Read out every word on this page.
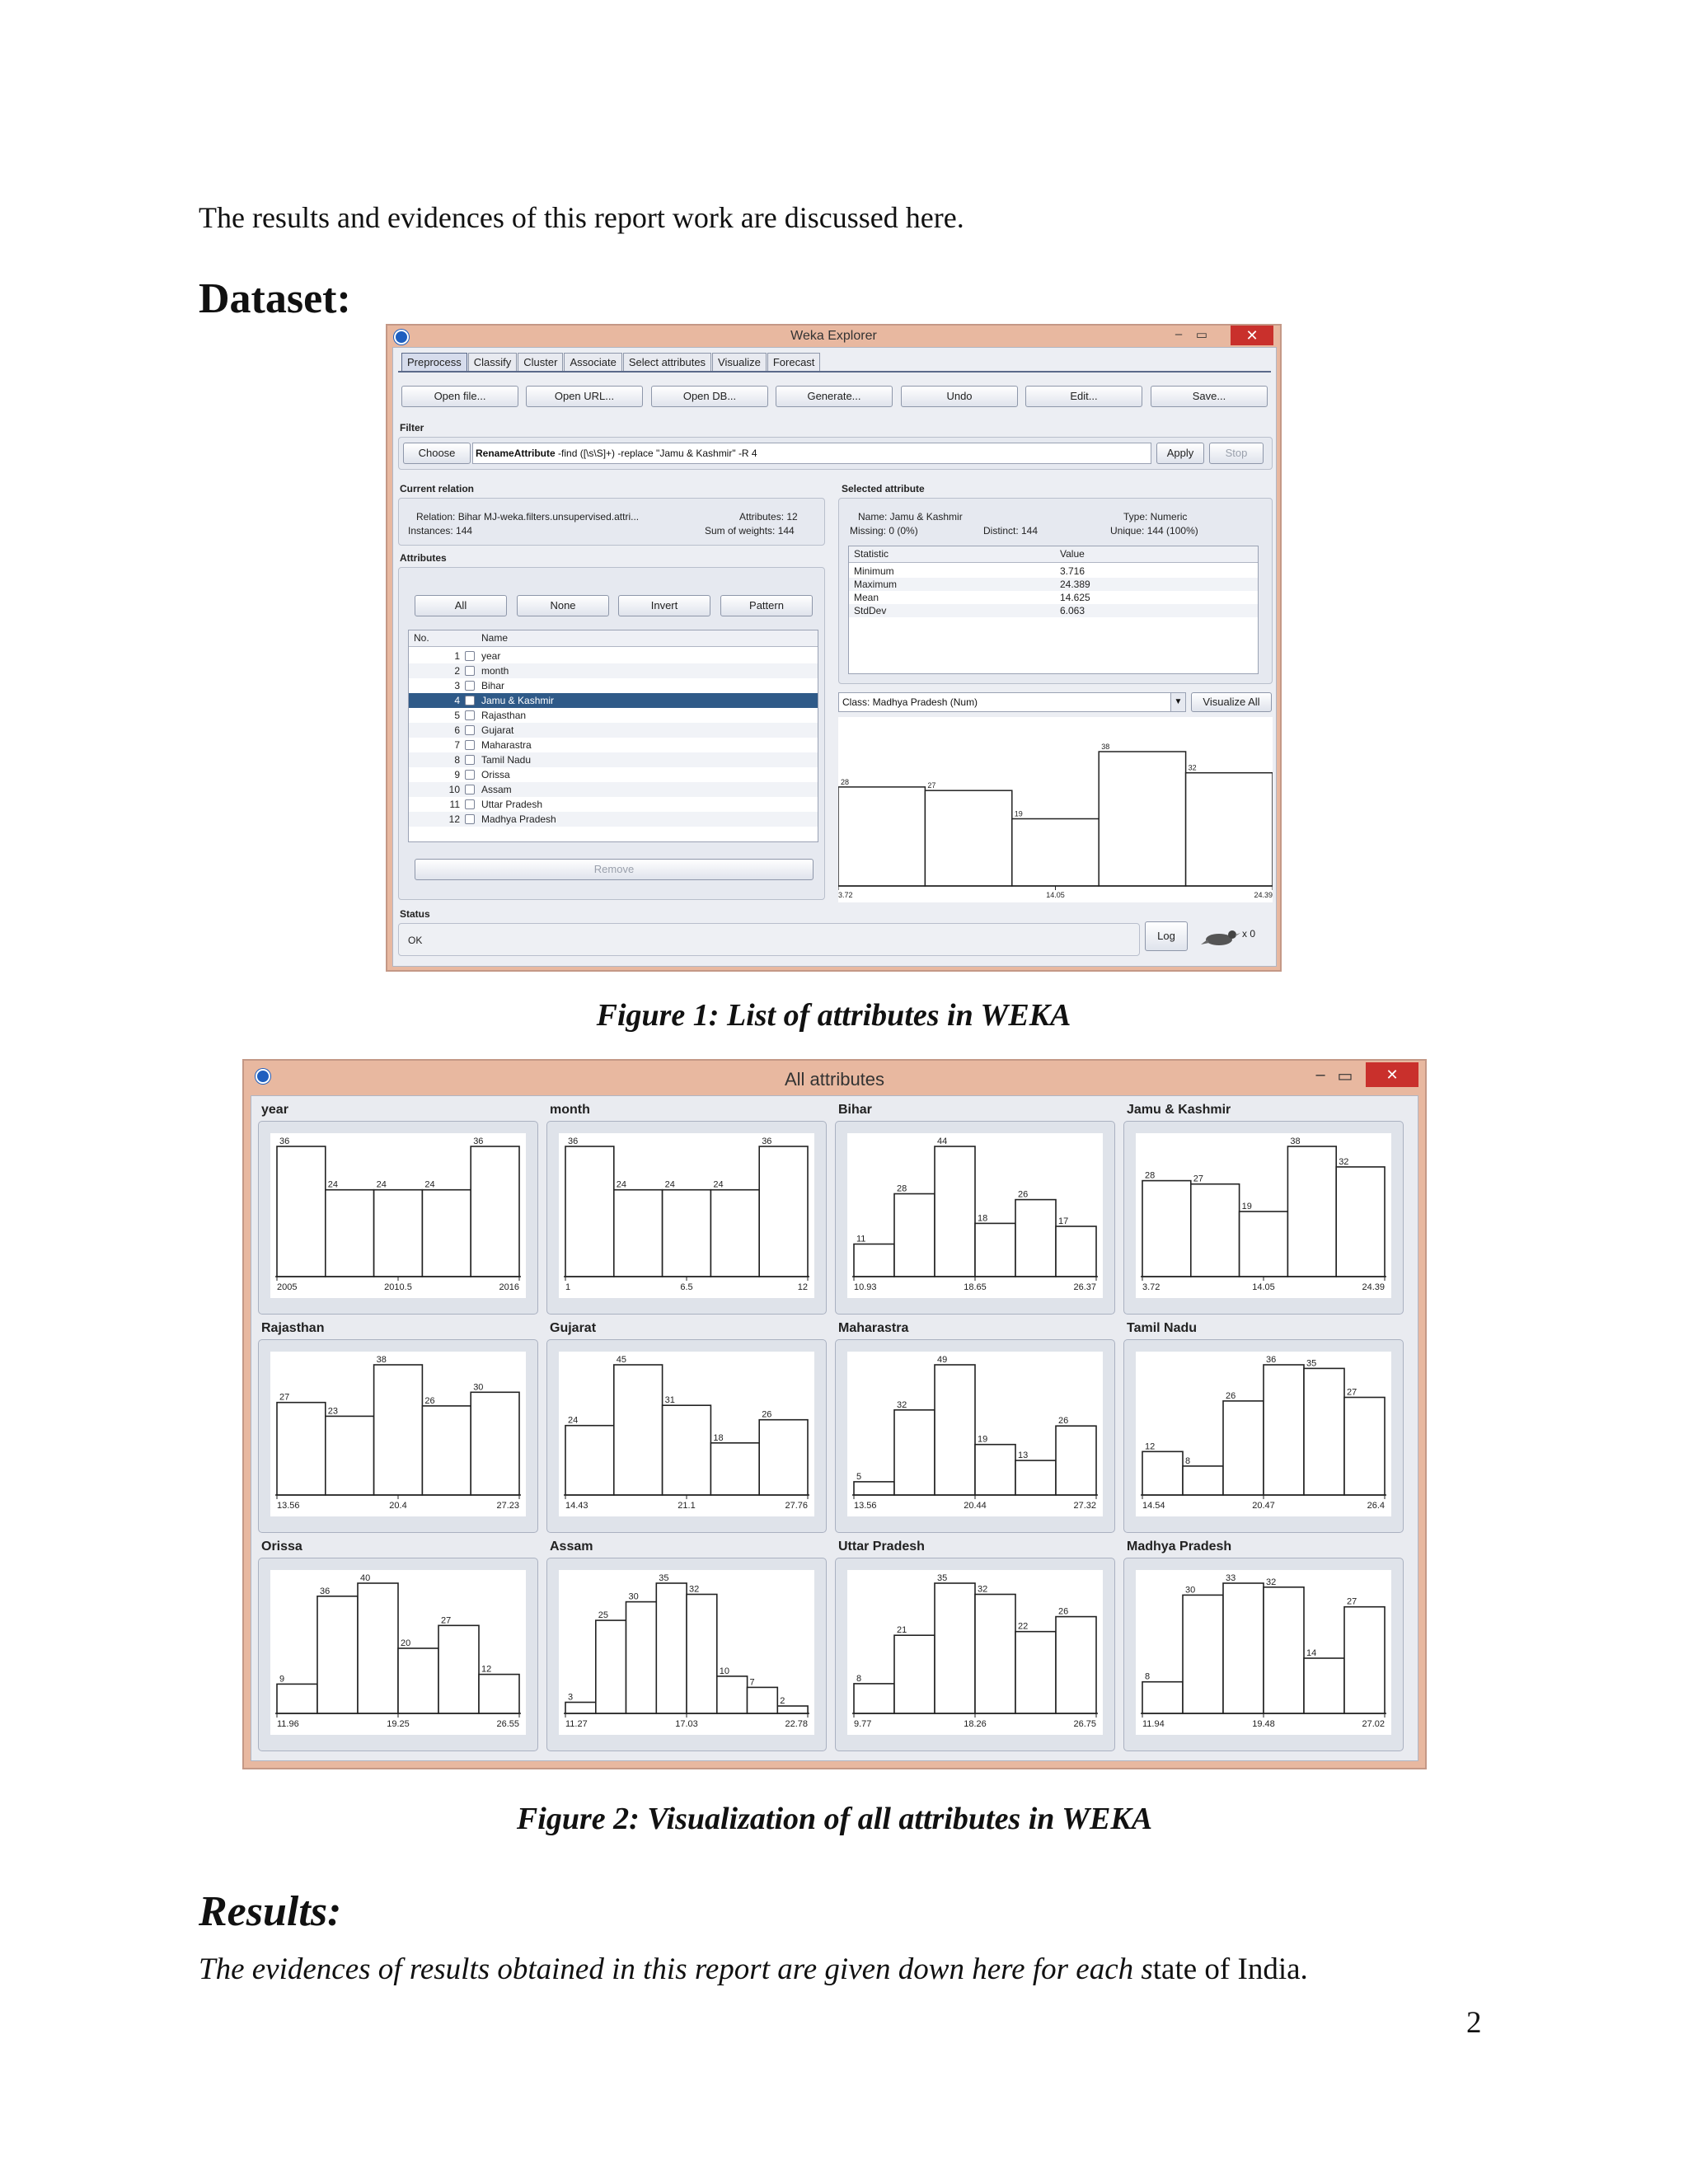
The results and evidences of this report work are discussed here.
Dataset:
Weka Explorer	–	▭	✕
Preprocess	Classify	Cluster	Associate	Select attributes	Visualize	Forecast
Open file...	Open URL...	Open DB...	Generate...	Undo	Edit...	Save...
Filter
Choose	RenameAttribute -find ([\s\S]+) -replace "Jamu & Kashmir" -R 4	Apply	Stop
Current relation
Relation: Bihar MJ-weka.filters.unsupervised.attri...
Instances: 144
Attributes: 12
Sum of weights: 144
Attributes
All	None	Invert	Pattern
No.	Name
1 year
2 month
3 Bihar
4 Jamu & Kashmir
5 Rajasthan
6 Gujarat
7 Maharastra
8 Tamil Nadu
9 Orissa
10 Assam
11 Uttar Pradesh
12 Madhya Pradesh
Remove
Selected attribute
Name: Jamu & Kashmir	Type: Numeric
Missing: 0 (0%)	Distinct: 144	Unique: 144 (100%)
Statistic	Value
Minimum	3.716
Maximum	24.389
Mean	14.625
StdDev	6.063
Class: Madhya Pradesh (Num)	▼	Visualize All
28	27
19
38
32
3.72	14.05	24.39
Status
OK	Log	x 0
Figure 1: List of attributes in WEKA
All attributes	– ▭	✕
year
36
24	24	24
36
2005	2010.5	2016
month
36
24	24	24
36
1	6.5	12
Bihar
11
28
44
18
26
17
10.93	18.65	26.37
Jamu & Kashmir
28	27
19
38
32
3.72	14.05	24.39
Rajasthan
27
23
38
26
30
13.56	20.4	27.23
Gujarat
24
45
31
18
26
14.43	21.1	27.76
Maharastra
5
32
49
19
13
26
13.56	20.44	27.32
Tamil Nadu
12
8
26
36	35
27
14.54	20.47	26.4
Orissa
9
36
40
20
27
12
11.96	19.25	26.55
Assam
3
25
30
35
32
10
7
2
11.27	17.03	22.78
Uttar Pradesh
8
21
35
32
22
26
9.77	18.26	26.75
Madhya Pradesh
8
30
33	32
14
27
11.94	19.48	27.02
Figure 2: Visualization of all attributes in WEKA
Results:
The evidences of results obtained in this report are given down here for each state of India.
2
